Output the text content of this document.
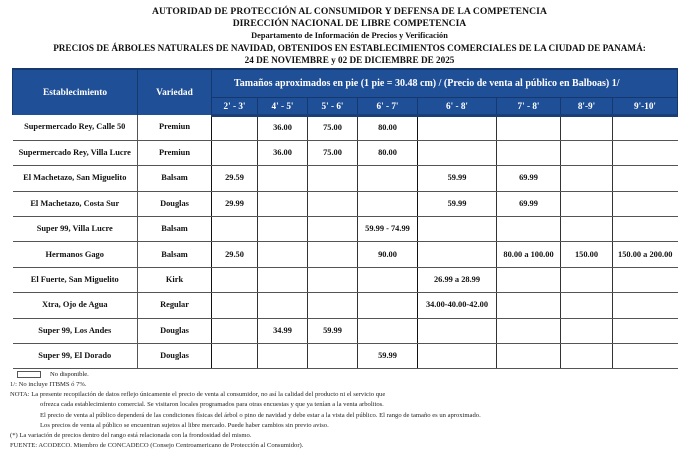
AUTORIDAD DE PROTECCIÓN AL CONSUMIDOR Y DEFENSA DE LA COMPETENCIA
DIRECCIÓN NACIONAL DE LIBRE COMPETENCIA
Departamento de Información de Precios y Verificación
PRECIOS DE ÁRBOLES NATURALES DE NAVIDAD, OBTENIDOS EN ESTABLECIMIENTOS COMERCIALES DE LA CIUDAD DE PANAMÁ:
24 DE NOVIEMBRE y 02 DE DICIEMBRE DE 2025
Establecimiento	Variedad	Tamaños aproximados en pie (1 pie = 30.48 cm) / (Precio de venta al público en Balboas) 1/							
		2' - 3'	4' - 5'	5' - 6'	6' - 7'	6' - 8'	7' - 8'	8'-9'	9'-10'
Supermercado Rey, Calle 50	Premiun		36.00	75.00	80.00				
Supermercado Rey, Villa Lucre	Premiun		36.00	75.00	80.00				
El Machetazo, San Miguelito	Balsam	29.59				59.99	69.99		
El Machetazo, Costa Sur	Douglas	29.99				59.99	69.99		
Super 99, Villa Lucre	Balsam				59.99 - 74.99				
Hermanos Gago	Balsam	29.50			90.00		80.00 a 100.00	150.00	150.00 a 200.00
El Fuerte, San Miguelito	Kirk					26.99 a 28.99			
Xtra, Ojo de Agua	Regular					34.00-40.00-42.00			
Super 99, Los Andes	Douglas		34.99	59.99					
Super 99, El Dorado	Douglas				59.99				
No disponible.
1/: No incluye ITBMS ó 7%.
NOTA: La presente recopilación de datos reflejo únicamente el precio de venta al consumidor, no así la calidad del producto ni el servicio que
ofrezca cada establecimiento comercial. Se visitaron locales programados para otras encuestas y que ya tenían a la venta arbolitos.
El precio de venta al público dependerá de las condiciones físicas del árbol o pino de navidad y debe estar a la vista del público. El rango de tamaño es un aproximado.
Los precios de venta al público se encuentran sujetos al libre mercado. Puede haber cambios sin previo aviso.
(*) La variación de precios dentro del rango está relacionada con la frondosidad del mismo.
FUENTE: ACODECO. Miembro de CONCADECO (Consejo Centroamericano de Protección al Consumidor).
